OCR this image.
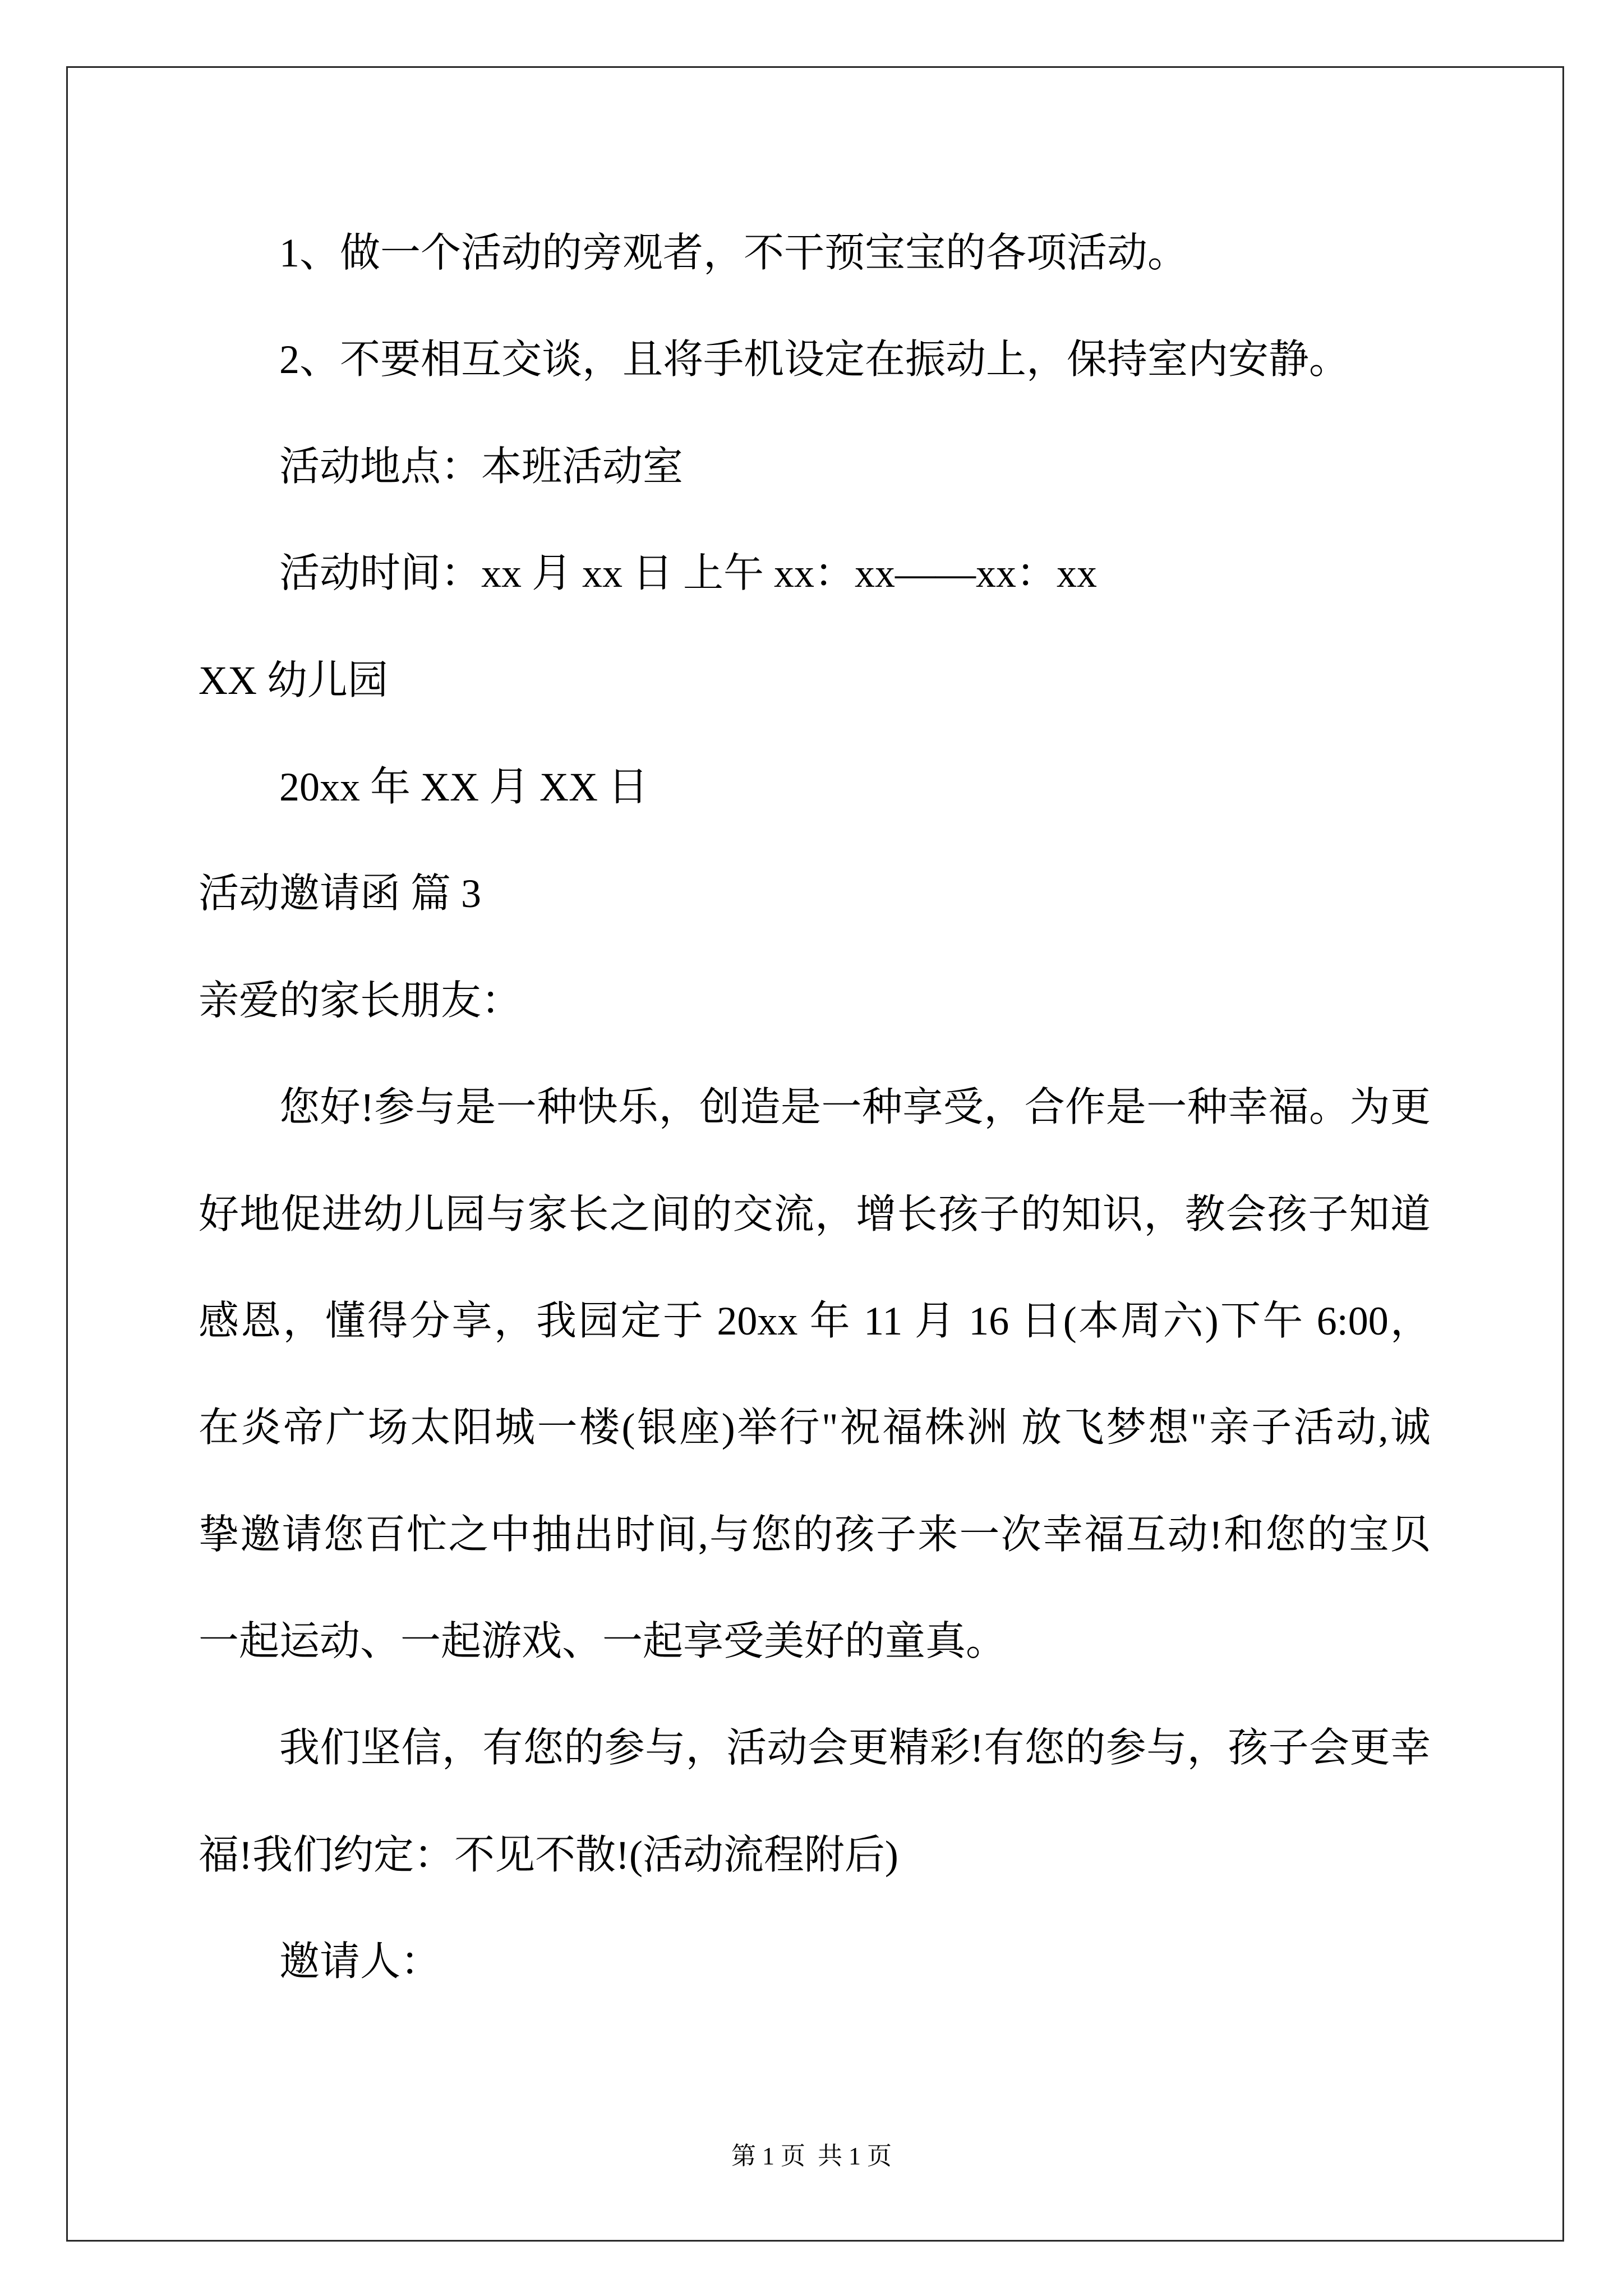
1、做一个活动的旁观者，不干预宝宝的各项活动。
2、不要相互交谈，且将手机设定在振动上，保持室内安静。
活动地点：本班活动室
活动时间：xx 月 xx 日 上午 xx：xx——xx：xx
XX 幼儿园
20xx 年 XX 月 XX 日
活动邀请函 篇 3
亲爱的家长朋友：
您好!参与是一种快乐，创造是一种享受，合作是一种幸福。为更
好地促进幼儿园与家长之间的交流，增长孩子的知识，教会孩子知道
感恩，懂得分享，我园定于 20xx 年 11 月 16 日(本周六)下午 6:00，
在炎帝广场太阳城一楼(银座)举行"祝福株洲 放飞梦想"亲子活动,诚
挚邀请您百忙之中抽出时间,与您的孩子来一次幸福互动!和您的宝贝
一起运动、一起游戏、一起享受美好的童真。
我们坚信，有您的参与，活动会更精彩!有您的参与，孩子会更幸
福!我们约定：不见不散!(活动流程附后)
邀请人：
第 1 页  共 1 页
